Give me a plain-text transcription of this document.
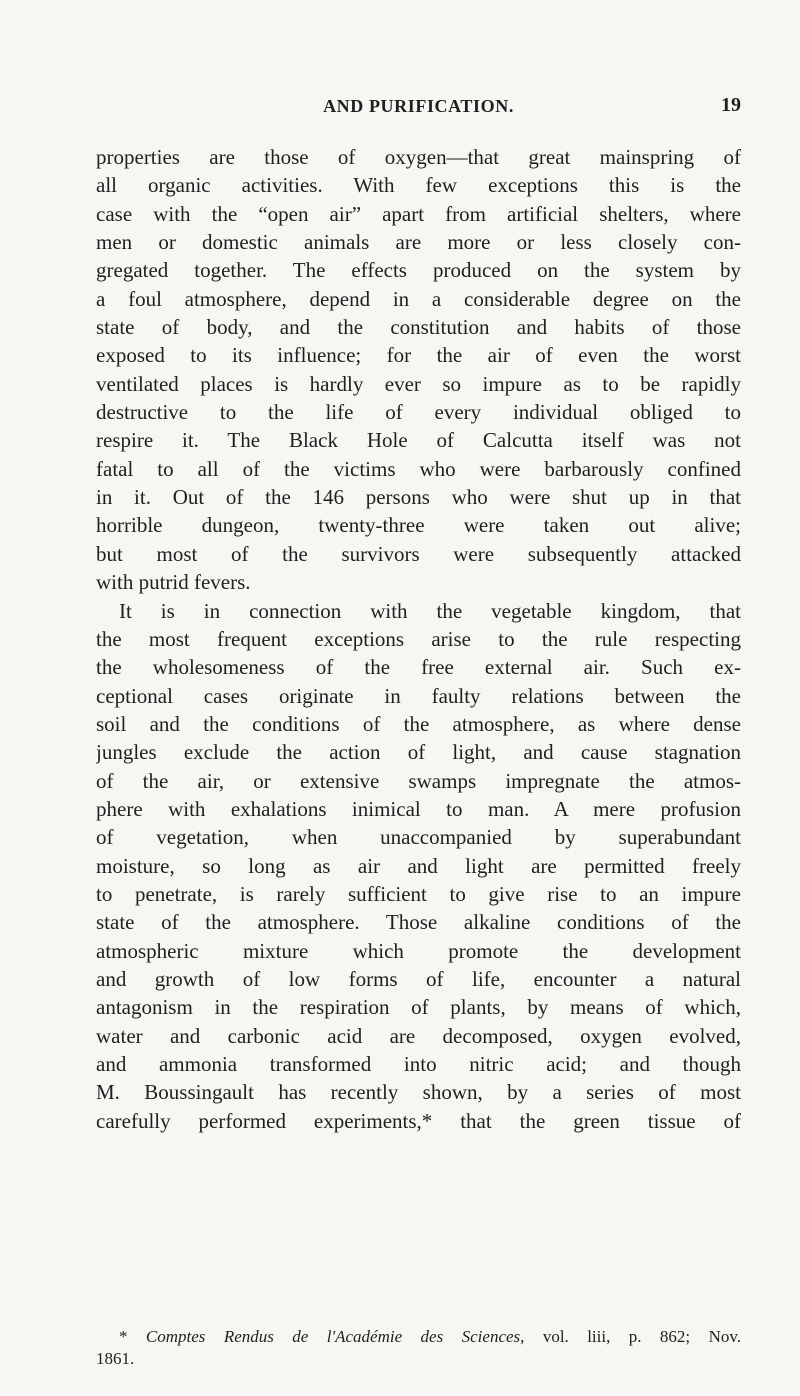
AND PURIFICATION.	19
properties are those of oxygen—that great mainspring of
all organic activities. With few exceptions this is the
case with the “open air” apart from artificial shelters, where
men or domestic animals are more or less closely con-
gregated together. The effects produced on the system by
a foul atmosphere, depend in a considerable degree on the
state of body, and the constitution and habits of those
exposed to its influence; for the air of even the worst
ventilated places is hardly ever so impure as to be rapidly
destructive to the life of every individual obliged to
respire it. The Black Hole of Calcutta itself was not
fatal to all of the victims who were barbarously confined
in it. Out of the 146 persons who were shut up in that
horrible dungeon, twenty-three were taken out alive;
but most of the survivors were subsequently attacked
with putrid fevers.
It is in connection with the vegetable kingdom, that
the most frequent exceptions arise to the rule respecting
the wholesomeness of the free external air. Such ex-
ceptional cases originate in faulty relations between the
soil and the conditions of the atmosphere, as where dense
jungles exclude the action of light, and cause stagnation
of the air, or extensive swamps impregnate the atmos-
phere with exhalations inimical to man. A mere profusion
of vegetation, when unaccompanied by superabundant
moisture, so long as air and light are permitted freely
to penetrate, is rarely sufficient to give rise to an impure
state of the atmosphere. Those alkaline conditions of the
atmospheric mixture which promote the development
and growth of low forms of life, encounter a natural
antagonism in the respiration of plants, by means of which,
water and carbonic acid are decomposed, oxygen evolved,
and ammonia transformed into nitric acid; and though
M. Boussingault has recently shown, by a series of most
carefully performed experiments,* that the green tissue of
* Comptes Rendus de l'Académie des Sciences, vol. liii, p. 862; Nov.
1861.
